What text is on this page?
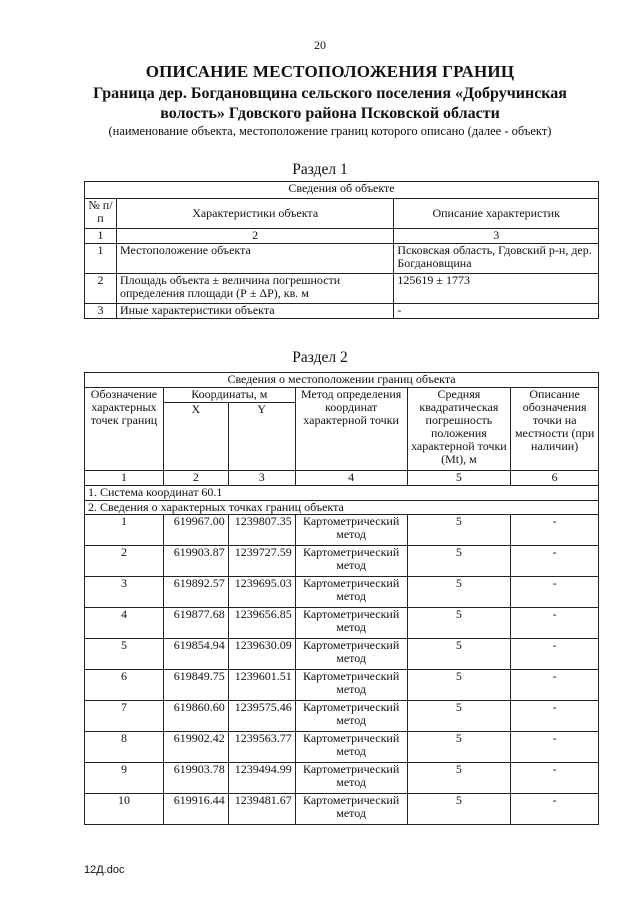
20
ОПИСАНИЕ МЕСТОПОЛОЖЕНИЯ ГРАНИЦ
Граница дер. Богдановщина сельского поселения «Добручинская волость» Гдовского района Псковской области
(наименование объекта, местоположение границ которого описано (далее - объект)
Раздел 1
Сведения об объекте		
№ п/п	Характеристики объекта	Описание характеристик
1	2	3
1	Местоположение объекта	Псковская область, Гдовский р-н, дер. Богдановщина
2	Площадь объекта ± величина погрешности определения площади (Р ± ΔР), кв. м	125619 ± 1773
3	Иные характеристики объекта	-
Раздел 2
Сведения о местоположении границ объекта					
Обозначение характерных точек границ	Координаты, м		Метод определения координат характерной точки	Средняя квадратическая погрешность положения характерной точки (Mt), м	Описание обозначения точки на местности (при наличии)
	X	Y			
1	2	3	4	5	6
1. Система координат 60.1					
2. Сведения о характерных точках границ объекта					
1	619967.00	1239807.35	Картометрический метод	5	-
2	619903.87	1239727.59	Картометрический метод	5	-
3	619892.57	1239695.03	Картометрический метод	5	-
4	619877.68	1239656.85	Картометрический метод	5	-
5	619854.94	1239630.09	Картометрический метод	5	-
6	619849.75	1239601.51	Картометрический метод	5	-
7	619860.60	1239575.46	Картометрический метод	5	-
8	619902.42	1239563.77	Картометрический метод	5	-
9	619903.78	1239494.99	Картометрический метод	5	-
10	619916.44	1239481.67	Картометрический метод	5	-
12Д.doc
